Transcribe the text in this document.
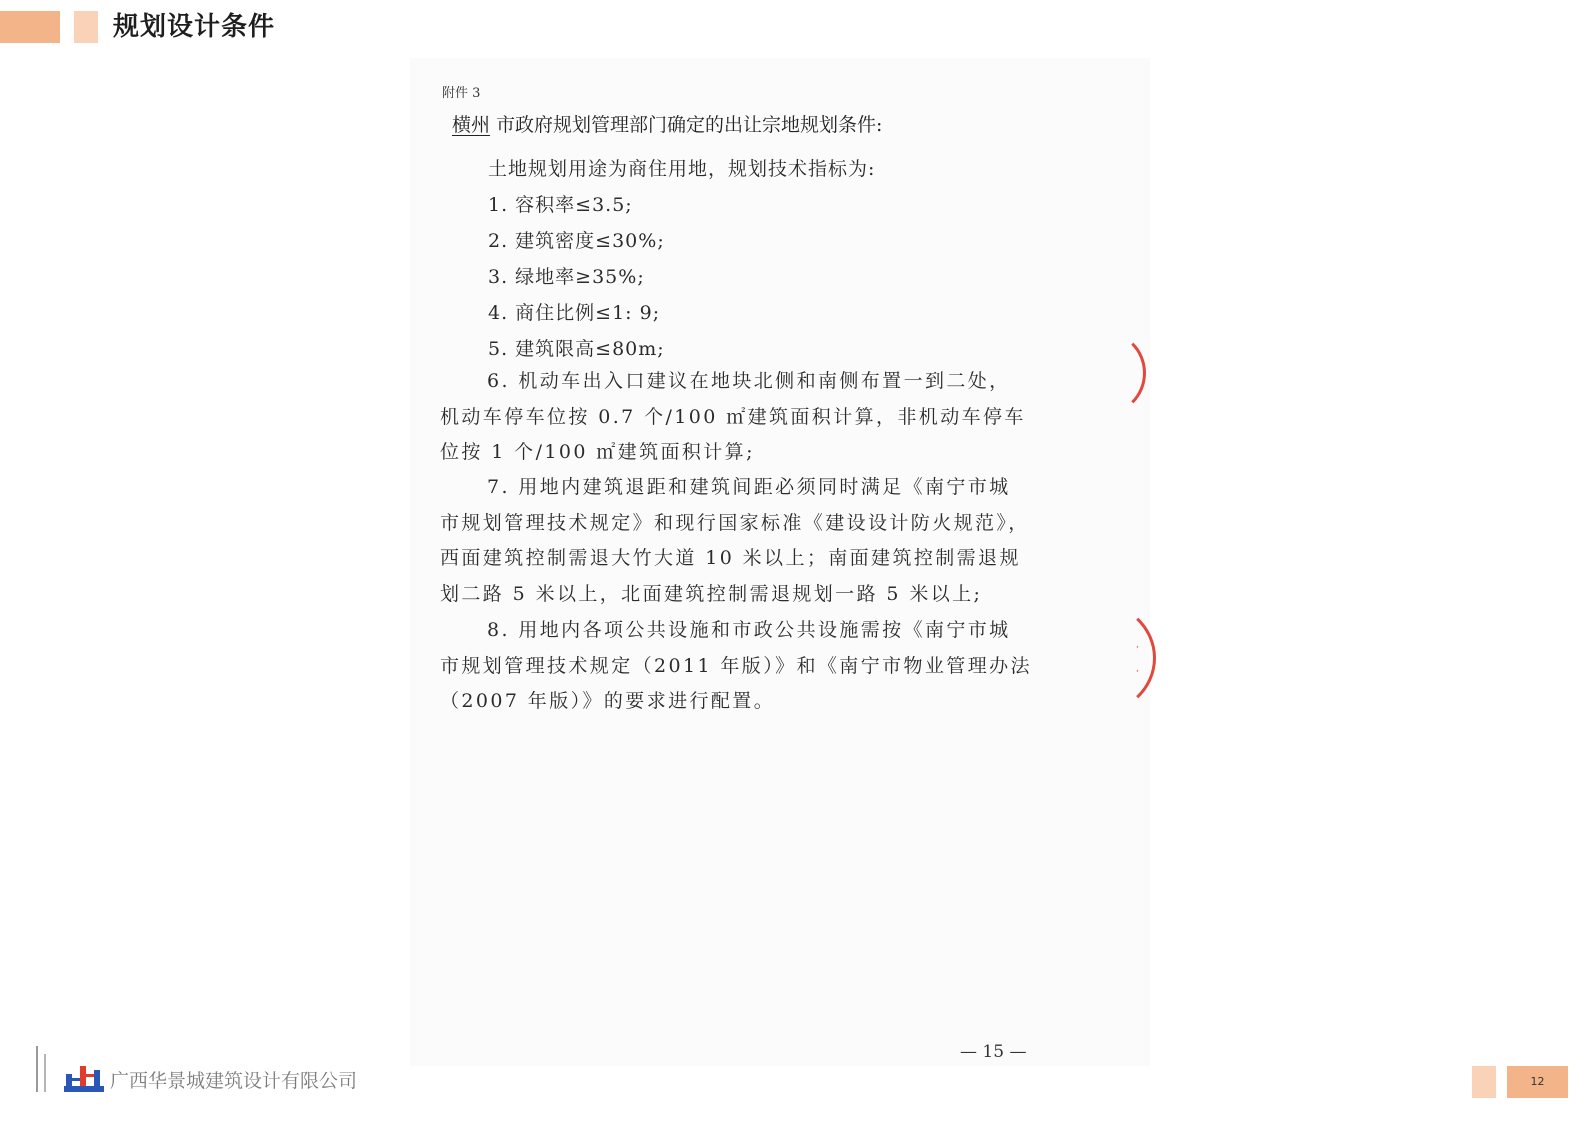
规划设计条件
附件 3
横州 市政府规划管理部门确定的出让宗地规划条件:
土地规划用途为商住用地，规划技术指标为:
1. 容积率≤3.5;
2. 建筑密度≤30%;
3. 绿地率≥35%;
4. 商住比例≤1: 9;
5. 建筑限高≤80m;
6. 机动车出入口建议在地块北侧和南侧布置一到二处，
机动车停车位按 0.7 个/100 ㎡建筑面积计算，非机动车停车
位按 1 个/100 ㎡建筑面积计算;
7. 用地内建筑退距和建筑间距必须同时满足《南宁市城
市规划管理技术规定》和现行国家标准《建设设计防火规范》，
西面建筑控制需退大竹大道 10 米以上；南面建筑控制需退规
划二路 5 米以上，北面建筑控制需退规划一路 5 米以上;
8. 用地内各项公共设施和市政公共设施需按《南宁市城
市规划管理技术规定（2011 年版）》和《南宁市物业管理办法
（2007 年版）》的要求进行配置。
— 15 —
⸱
⸱
广西华景城建筑设计有限公司	12
